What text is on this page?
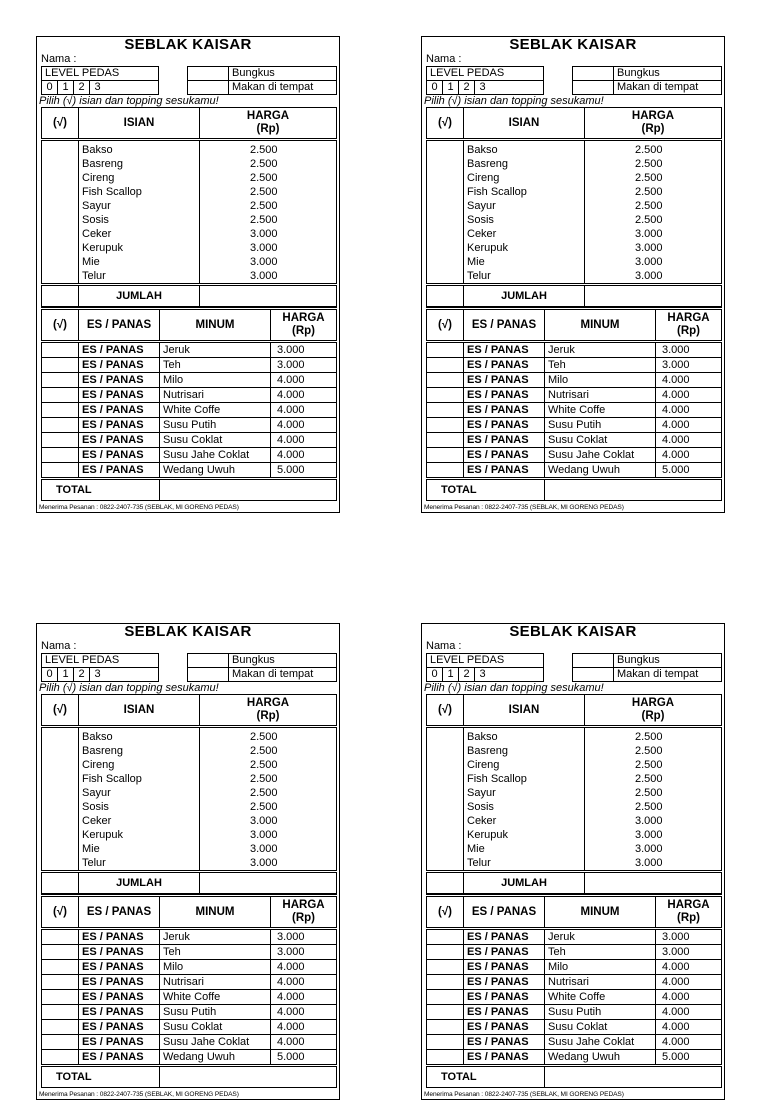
SEBLAK KAISAR
Nama :
LEVEL PEDAS
0 1 2 3
Bungkus
Makan di tempat
Pilih (√) isian dan topping sesukamu!
(√)	ISIAN	HARGA
(Rp)
	Bakso	2.500
	Basreng	2.500
	Cireng	2.500
	Fish Scallop	2.500
	Sayur	2.500
	Sosis	2.500
	Ceker	3.000
	Kerupuk	3.000
	Mie	3.000
	Telur	3.000
	JUMLAH	
(√)	ES / PANAS	MINUM	HARGA
(Rp)
	ES / PANAS	Jeruk	3.000
	ES / PANAS	Teh	3.000
	ES / PANAS	Milo	4.000
	ES / PANAS	Nutrisari	4.000
	ES / PANAS	White Coffe	4.000
	ES / PANAS	Susu Putih	4.000
	ES / PANAS	Susu Coklat	4.000
	ES / PANAS	Susu Jahe Coklat	4.000
	ES / PANAS	Wedang Uwuh	5.000
TOTAL			
Menerima Pesanan : 0822-2407-735 (SEBLAK, MI GORENG PEDAS)
SEBLAK KAISAR
Nama :
LEVEL PEDAS
0 1 2 3
Bungkus
Makan di tempat
Pilih (√) isian dan topping sesukamu!
(√)	ISIAN	HARGA
(Rp)
	Bakso	2.500
	Basreng	2.500
	Cireng	2.500
	Fish Scallop	2.500
	Sayur	2.500
	Sosis	2.500
	Ceker	3.000
	Kerupuk	3.000
	Mie	3.000
	Telur	3.000
	JUMLAH	
(√)	ES / PANAS	MINUM	HARGA
(Rp)
	ES / PANAS	Jeruk	3.000
	ES / PANAS	Teh	3.000
	ES / PANAS	Milo	4.000
	ES / PANAS	Nutrisari	4.000
	ES / PANAS	White Coffe	4.000
	ES / PANAS	Susu Putih	4.000
	ES / PANAS	Susu Coklat	4.000
	ES / PANAS	Susu Jahe Coklat	4.000
	ES / PANAS	Wedang Uwuh	5.000
TOTAL			
Menerima Pesanan : 0822-2407-735 (SEBLAK, MI GORENG PEDAS)
SEBLAK KAISAR
Nama :
LEVEL PEDAS
0 1 2 3
Bungkus
Makan di tempat
Pilih (√) isian dan topping sesukamu!
(√)	ISIAN	HARGA
(Rp)
	Bakso	2.500
	Basreng	2.500
	Cireng	2.500
	Fish Scallop	2.500
	Sayur	2.500
	Sosis	2.500
	Ceker	3.000
	Kerupuk	3.000
	Mie	3.000
	Telur	3.000
	JUMLAH	
(√)	ES / PANAS	MINUM	HARGA
(Rp)
	ES / PANAS	Jeruk	3.000
	ES / PANAS	Teh	3.000
	ES / PANAS	Milo	4.000
	ES / PANAS	Nutrisari	4.000
	ES / PANAS	White Coffe	4.000
	ES / PANAS	Susu Putih	4.000
	ES / PANAS	Susu Coklat	4.000
	ES / PANAS	Susu Jahe Coklat	4.000
	ES / PANAS	Wedang Uwuh	5.000
TOTAL			
Menerima Pesanan : 0822-2407-735 (SEBLAK, MI GORENG PEDAS)
SEBLAK KAISAR
Nama :
LEVEL PEDAS
0 1 2 3
Bungkus
Makan di tempat
Pilih (√) isian dan topping sesukamu!
(√)	ISIAN	HARGA
(Rp)
	Bakso	2.500
	Basreng	2.500
	Cireng	2.500
	Fish Scallop	2.500
	Sayur	2.500
	Sosis	2.500
	Ceker	3.000
	Kerupuk	3.000
	Mie	3.000
	Telur	3.000
	JUMLAH	
(√)	ES / PANAS	MINUM	HARGA
(Rp)
	ES / PANAS	Jeruk	3.000
	ES / PANAS	Teh	3.000
	ES / PANAS	Milo	4.000
	ES / PANAS	Nutrisari	4.000
	ES / PANAS	White Coffe	4.000
	ES / PANAS	Susu Putih	4.000
	ES / PANAS	Susu Coklat	4.000
	ES / PANAS	Susu Jahe Coklat	4.000
	ES / PANAS	Wedang Uwuh	5.000
TOTAL			
Menerima Pesanan : 0822-2407-735 (SEBLAK, MI GORENG PEDAS)
